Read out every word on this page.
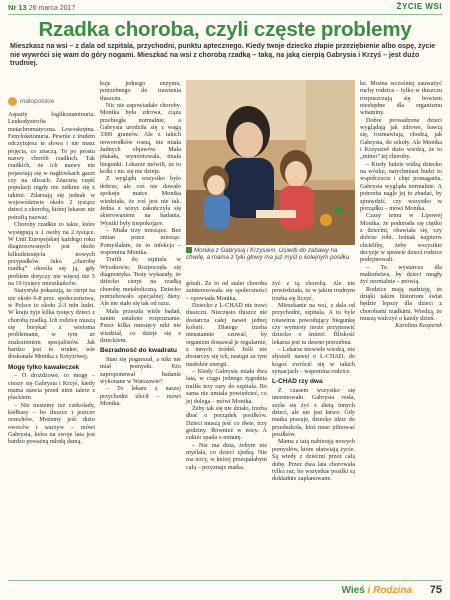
Nr 13 26 marca 2017	ŻYCIE WSI
Rzadka choroba, czyli częste problemy
Mieszkasz na wsi – z dala od szpitala, przychodni, punktu aptecznego. Kiedy twoje dziecko złapie przeziębienie albo ospę, życie nie wywróci się wam do góry nogami. Mieszkać na wsi z chorobą rzadką – taką, na jaką cierpią Gabrysia i Krzyś – jest dużo trudniej.
małopolskie

Asparty loglikozaminuria. Leukodystrofia metachromatyczna. Lewoskrętna. Fenyloketonuria. Pewnie z trudem odczytujesz te słowa i nie masz pojęcia, co znaczą. To po prostu nazwy chorób rzadkich. Tak rzadkich, że ich nazwy nie pojawiają się w nagłówkach gazet czy na ulicach. Znaczna część populacji nigdy nie zetknie się z takimi. Zdarzają się jednak w województwie około 2 tysiące dzieci z chorobą, której lekarze nie potrafią nazwać.

Choroby rzadkie to takie, które występują u 1 osoby na 2 tysiące. W Unii Europejskiej każdego roku diagnozowanych jest około kilkudziesięciu nowych przypadków. Jako „chorobę rzadką” określa się ją, gdy problem dotyczy nie więcej niż 5 na 10 tysięcy mieszkańców.

Statystyki pokazują, że cierpi na nie około 6-8 proc. społeczeństwa, w Polsce to około 2-3 mln ludzi. W kraju żyje kilka tysięcy dzieci z chorobą rzadką. Ich rodzice muszą się borykać z wieloma problemami, w tym ze znalezieniem specjalistów. Jak bardzo jest to trudne, wie doskonale Monika z Krzyżowej.

Mogę tylko kawałeczek

– O drożdżowe, to mogę – cieszy się Gabrysia i Krzyś, kiedy mama stawia przed nimi talerz z plackiem.

– Nie możemy też czekolady, kiełbasy – bo tłuszcz i jeszcze orzechów. Możemy jeść dużo owoców i warzyw – mówi Gabrysia, która na swoje lata jest bardzo poważną młodą damą.

kuje jednego enzymu, potrzebnego do trawienia tłuszczu.

Nic nie zapowiadało choroby. Monika była zdrowa, ciąża przebiegła normalnie, a Gabrysia urodziła się z wagą 3300 gramów. Ale z takich noworodków rosną, nie miała żadnych objawów. Mała płakała, wymiotowała, miała biegunki. Lekarze mówili, że to kolki i nic się nie dzieje.

Z wyglądu wszystko było dobrze, ale coś nie dawało spokoju matce. Monika wiedziała, że coś jest nie tak. Jedna z wizyt zakończyła się skierowaniem na badania. Wyniki były niepokojące.

– Miała trzy miesiące. Bez zmian przez miesiąc. Pomyślałam, że to infekcja – wspomina Monika.

Trafili do szpitala w Wyszkowie. Rozpoczęła się diagnostyka. Testy wykazały, że dziecko cierpi na rzadką chorobę metaboliczną. Dziecko potrzebowało specjalnej diety. Ale nie stało się tak od razu.

Mała przeszła wiele badań, zanim ustalono rozpoznanie. Przez kilka miesięcy nikt nie wiedział, co dzieje się z dzieckiem.

Bezradność do kwadratu

Stan się pogarszał, a nikt nie miał pomysłu. Kto zaproponował badanie wykonane w Warszawie?

– To lekarz z naszej przychodni zlecił – mówi Monika.

Monika z Gabrysią i Krzysiem. Usiedli do zabawy na chwilę, a mama z tyłu głowy ma już myśl o kolejnym posiłku

górali. Że to od stalei choroba zainteresowała się społeczności – opowiada Monika.

Dziecko z L-CHAD nie trawi tłuszczu. Nieczęsto tłuszcz nie dostarcza całej nawet jednej kolorii. Dlatego trzeba nieustannie czuwać, by organizm dostawał je regularnie, z innych źródeł. Jeśli nie dostarczy się ich, nastąpi za tym niedobór energii.

– Kiedy Gabrysia miała dwa lata, w ciągu jednego tygodnia trafiła trzy razy do szpitala. Bo sama nie umiała powiedzieć, co jej dolega – mówi Monika.

Żeby tak się nie działo, trzeba dbać o porządek posiłków. Dzieci muszą jeść co dwie, trzy godziny. Również w nocy. A cukier spada o minutę.

– Nie ma dnia, żebym nie myślała, co dzieci zjedzą. Nie ma nocy, w której przespałabym całą – przyznaje matka.

żyć z tą chorobą. Ale nie powiedziała, że w jakim trudnym trzeba się liczyć.

Mieszkanie na wsi, z dala od przychodni, szpitala. A tu byle rotawirus powodujący biegunkę czy wymioty może przyprawić dziecko o śmierć. Bliskość lekarza jest tu dawno potrzebna.

– Lekarze niewiele wiedzą, nie słyszeli nawet o L-CHAD, do kogoś zwrócić się w takich sytuacjach – wspomina rodzice.

L-CHAD rzy dwa

Z czasem wszystko się unormowało. Gabrysia rosła, szyła się żyć z dietą innych dzieci, ale nie jest łatwo. Gdy matka pracuje, dziecko idzie do przedszkola, ktoś musi pilnować posiłków.

Mama z tatą nabierają nowych pomysłów, które ułatwiają życie. Są wtedy z dziećmi przez całą dobę. Przez dwa lata chorowała tylko raz, bo wszystkie posiłki są dokładnie zaplanowane.

ke. Można wcześniej zauważyć ruchy rodzica – tylko w tłuszczu rozpuszczają się bowiem niezbędne dla organizmu witaminy.

Dobre prowadzone dzieci wyglądają jak zdrowe, bawią się, rozmawiają, chodzą, jak Gabrysia, do szkoły. Ale Monika i Krzysztof dużo wiedzą, że to „mimo” tej choroby.

– Kiedy ludzie widzą dziecko na wózku, natychmiast budzi to współczucie i chęć pomagania. Gabrysia wygląda normalnie. A potrzeba nagle jej to zbadać, by sprawdzić, czy wszystko w porządku – mówi Monika.

Czasy temu w Lipowej Monika, że podniosła się ciężko z dziećmi, obawiała się, czy dobrze robi. Jednak najpierw chcieliby, żeby wszystkie decyzje w sprawie dzieci rodzice podejmowali.

– To wystarcza dla małżeństwa, by dzieci mogły żyć normalnie – mówią.

Rodzice mają nadzieję, że dzięki takim historiom świat będzie lepszy dla dzieci z chorobami rzadkimi. Wiedzą, że muszą walczyć o każdy dzień.

Karolina Kasperek

Wieś i Rodzina 75
